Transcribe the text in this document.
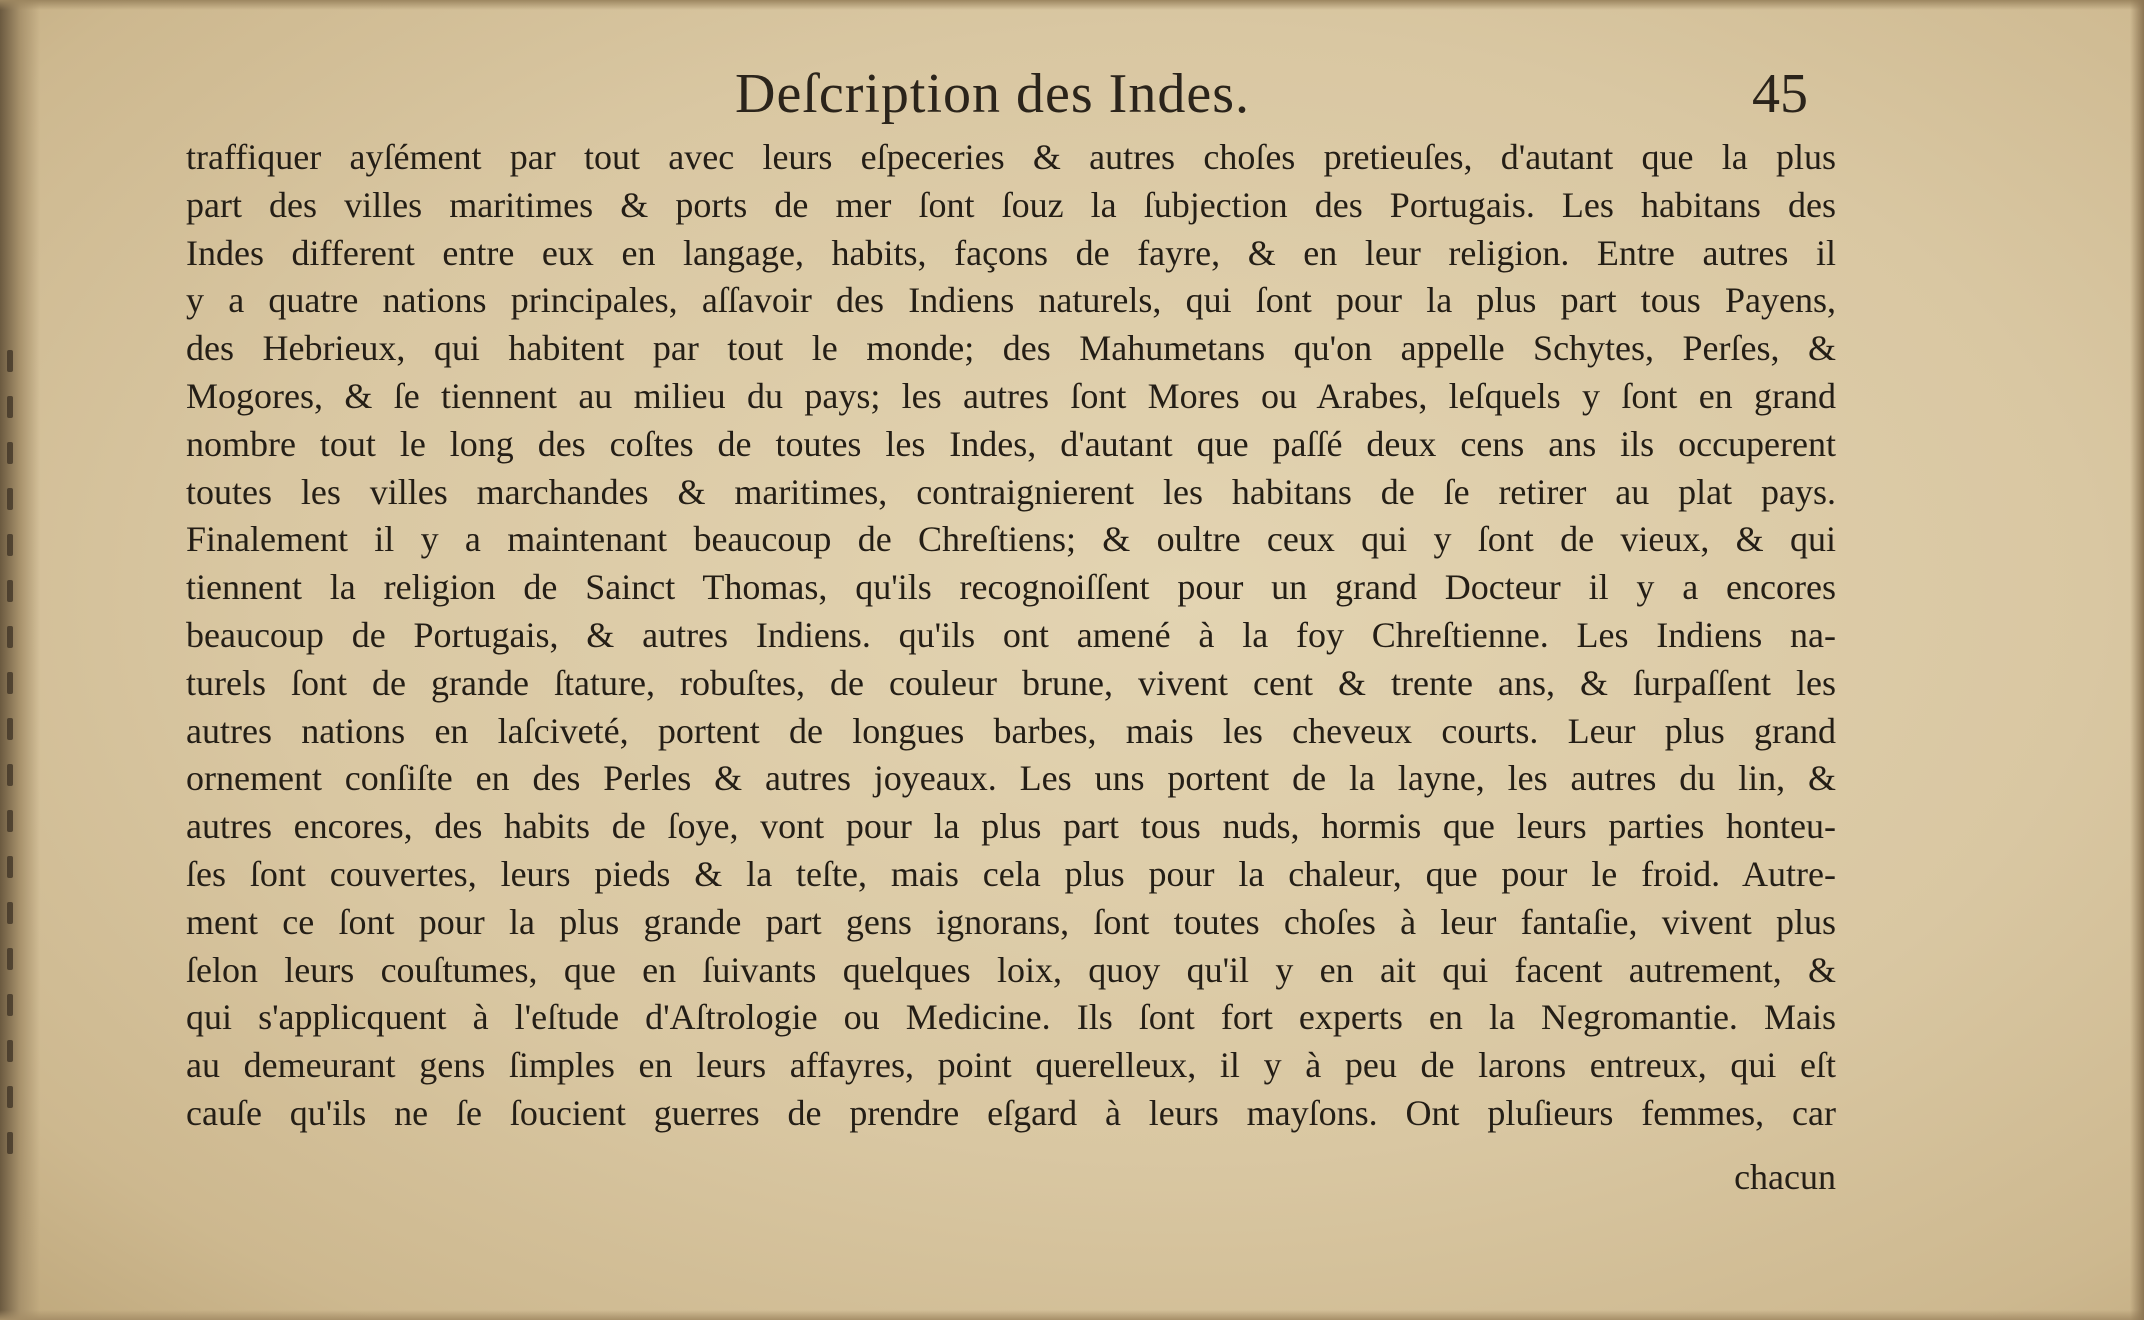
Deſcription des Indes.	45
traffiquer ayſément par tout avec leurs eſpeceries & autres choſes pretieuſes, d'autant que la plus
part des villes maritimes & ports de mer ſont ſouz la ſubjection des Portugais. Les habitans des
Indes different entre eux en langage, habits, façons de fayre, & en leur religion. Entre autres il
y a quatre nations principales, aſſavoir des Indiens naturels, qui ſont pour la plus part tous Payens,
des Hebrieux, qui habitent par tout le monde; des Mahumetans qu'on appelle Schytes, Perſes, &
Mogores, & ſe tiennent au milieu du pays; les autres ſont Mores ou Arabes, leſquels y ſont en grand
nombre tout le long des coſtes de toutes les Indes, d'autant que paſſé deux cens ans ils occuperent
toutes les villes marchandes & maritimes, contraignierent les habitans de ſe retirer au plat pays.
Finalement il y a maintenant beaucoup de Chreſtiens; & oultre ceux qui y ſont de vieux, & qui
tiennent la religion de Sainct Thomas, qu'ils recognoiſſent pour un grand Docteur il y a encores
beaucoup de Portugais, & autres Indiens. qu'ils ont amené à la foy Chreſtienne. Les Indiens na-
turels ſont de grande ſtature, robuſtes, de couleur brune, vivent cent & trente ans, & ſurpaſſent les
autres nations en laſciveté, portent de longues barbes, mais les cheveux courts. Leur plus grand
ornement conſiſte en des Perles & autres joyeaux. Les uns portent de la layne, les autres du lin, &
autres encores, des habits de ſoye, vont pour la plus part tous nuds, hormis que leurs parties honteu-
ſes ſont couvertes, leurs pieds & la teſte, mais cela plus pour la chaleur, que pour le froid. Autre-
ment ce ſont pour la plus grande part gens ignorans, ſont toutes choſes à leur fantaſie, vivent plus
ſelon leurs couſtumes, que en ſuivants quelques loix, quoy qu'il y en ait qui facent autrement, &
qui s'applicquent à l'eſtude d'Aſtrologie ou Medicine. Ils ſont fort experts en la Negromantie. Mais
au demeurant gens ſimples en leurs affayres, point querelleux, il y à peu de larons entreux, qui eſt
cauſe qu'ils ne ſe ſoucient guerres de prendre eſgard à leurs mayſons. Ont pluſieurs femmes, car
chacun
